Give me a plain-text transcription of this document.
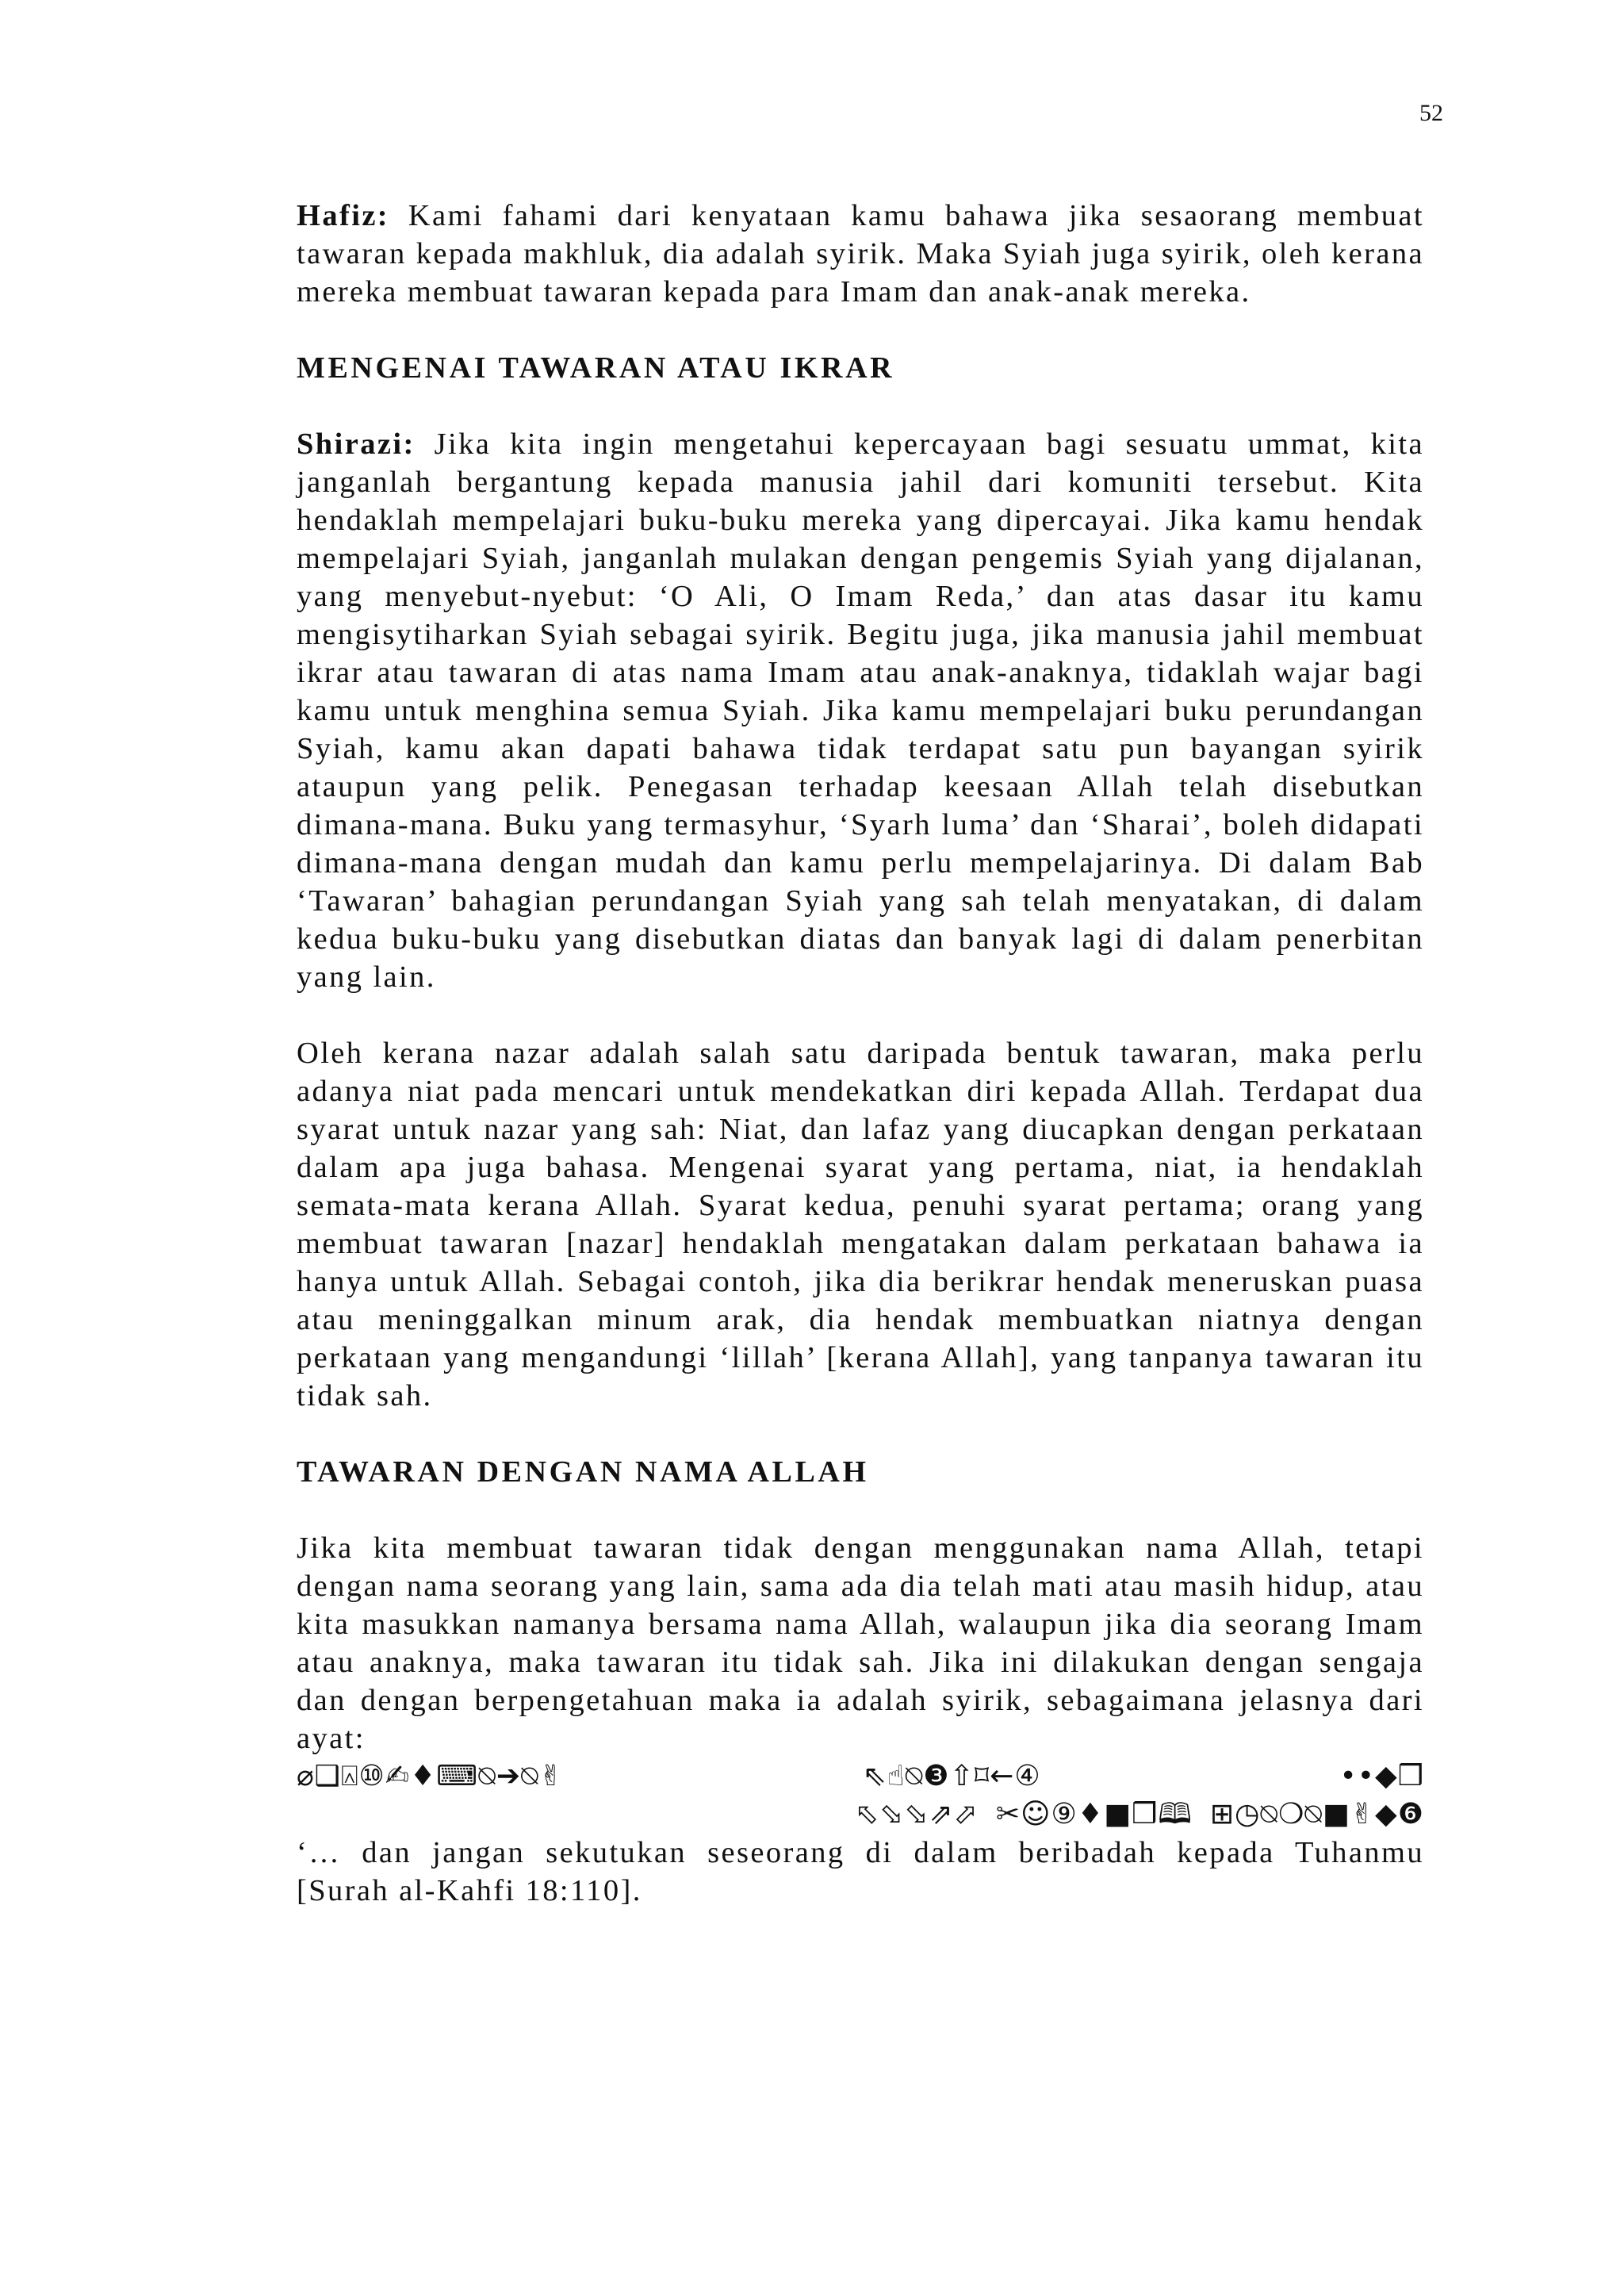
52

Hafiz: Kami fahami dari kenyataan kamu bahawa jika sesaorang membuat tawaran kepada makhluk, dia adalah syirik. Maka Syiah juga syirik, oleh kerana mereka membuat tawaran kepada para Imam dan anak-anak mereka.

MENGENAI TAWARAN ATAU IKRAR

Shirazi: Jika kita ingin mengetahui kepercayaan bagi sesuatu ummat, kita janganlah bergantung kepada manusia jahil dari komuniti tersebut. Kita hendaklah mempelajari buku-buku mereka yang dipercayai. Jika kamu hendak mempelajari Syiah, janganlah mulakan dengan pengemis Syiah yang dijalanan, yang menyebut-nyebut: ‘O Ali, O Imam Reda,’ dan atas dasar itu kamu mengisytiharkan Syiah sebagai syirik. Begitu juga, jika manusia jahil membuat ikrar atau tawaran di atas nama Imam atau anak-anaknya, tidaklah wajar bagi kamu untuk menghina semua Syiah. Jika kamu mempelajari buku perundangan Syiah, kamu akan dapati bahawa tidak terdapat satu pun bayangan syirik ataupun yang pelik. Penegasan terhadap keesaan Allah telah disebutkan dimana-mana. Buku yang termasyhur, ‘Syarh luma’ dan ‘Sharai’, boleh didapati dimana-mana dengan mudah dan kamu perlu mempelajarinya. Di dalam Bab ‘Tawaran’ bahagian perundangan Syiah yang sah telah menyatakan, di dalam kedua buku-buku yang disebutkan diatas dan banyak lagi di dalam penerbitan yang lain.

Oleh kerana nazar adalah salah satu daripada bentuk tawaran, maka perlu adanya niat pada mencari untuk mendekatkan diri kepada Allah. Terdapat dua syarat untuk nazar yang sah: Niat, dan lafaz yang diucapkan dengan perkataan dalam apa juga bahasa. Mengenai syarat yang pertama, niat, ia hendaklah semata-mata kerana Allah. Syarat kedua, penuhi syarat pertama; orang yang membuat tawaran [nazar] hendaklah mengatakan dalam perkataan bahawa ia hanya untuk Allah. Sebagai contoh, jika dia berikrar hendak meneruskan puasa atau meninggalkan minum arak, dia hendak membuatkan niatnya dengan perkataan yang mengandungi ‘lillah’ [kerana Allah], yang tanpanya tawaran itu tidak sah.

TAWARAN DENGAN NAMA ALLAH

Jika kita membuat tawaran tidak dengan menggunakan nama Allah, tetapi dengan nama seorang yang lain, sama ada dia telah mati atau masih hidup, atau kita masukkan namanya bersama nama Allah, walaupun jika dia seorang Imam atau anaknya, maka tawaran itu tidak sah. Jika ini dilakukan dengan sengaja dan dengan berpengetahuan maka ia adalah syirik, sebagaimana jelasnya dari ayat:

⌀❑⍓⑩✍♦⌨⍉➔⍉✌	⇖☝⍉❸⇧⌑←④	••◆❒
⬁⬂⬂⇗⬀ ✂☺⑨♦■❒🕮 ⊞◷⍉❍⍉■✌◆❻

‘… dan jangan sekutukan seseorang di dalam beribadah kepada Tuhanmu [Surah al-Kahfi 18:110].
